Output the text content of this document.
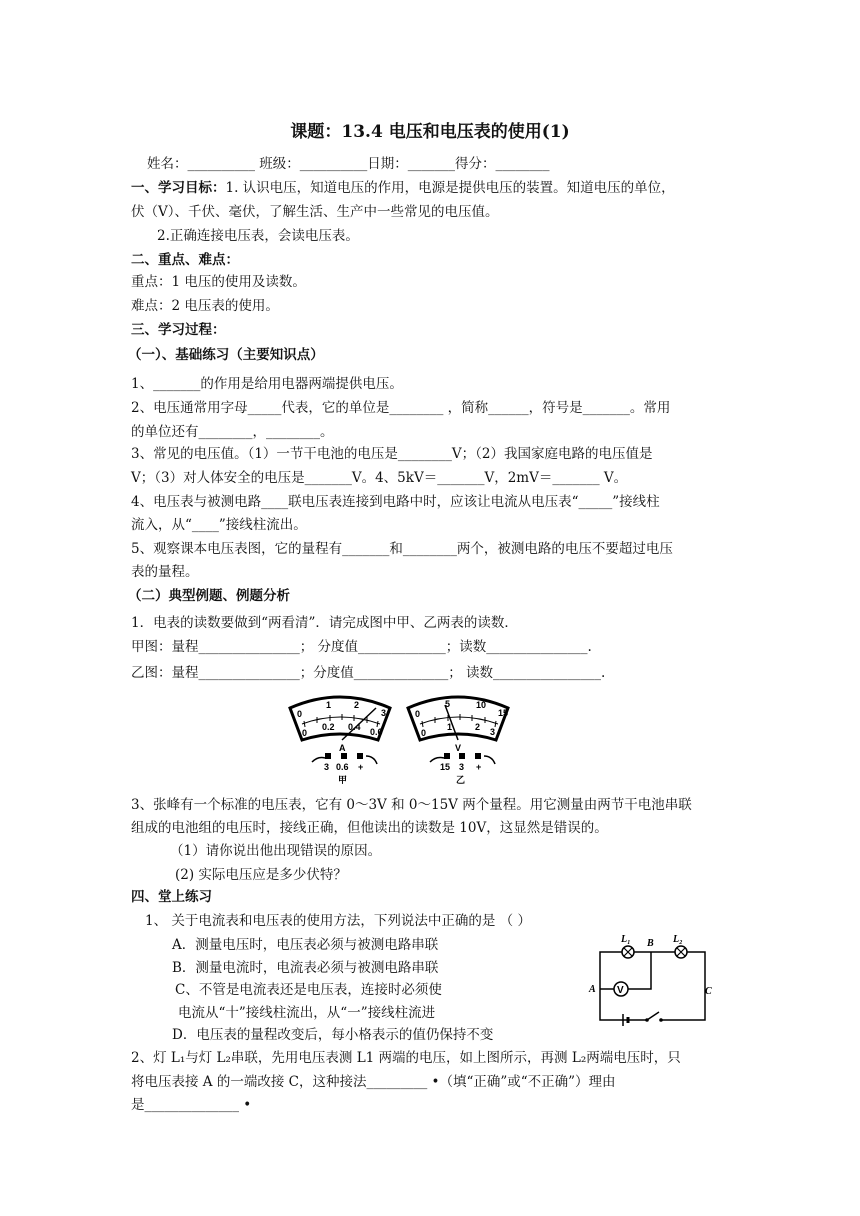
课题：13.4 电压和电压表的使用(1)
姓名：__________ 班级：__________日期：_______得分：________
一、学习目标：1. 认识电压，知道电压的作用，电源是提供电压的装置。知道电压的单位，
伏（V）、千伏、毫伏，了解生活、生产中一些常见的电压值。
2.正确连接电压表，会读电压表。
二、重点、难点：
重点：1 电压的使用及读数。
难点：2 电压表的使用。
三、学习过程：
（一）、基础练习（主要知识点）
1、_______的作用是给用电器两端提供电压。
2、电压通常用字母_____代表，它的单位是________ ，简称______，符号是_______。常用
的单位还有________，________。
3、常见的电压值。（1）一节干电池的电压是________V；（2）我国家庭电路的电压值是
V；（3）对人体安全的电压是_______V。4、5kV＝_______V，2mV＝_______ V。
4、电压表与被测电路____联电压表连接到电路中时，应该让电流从电压表“_____”接线柱
流入，从“____”接线柱流出。
5、观察课本电压表图，它的量程有_______和________两个，被测电路的电压不要超过电压
表的量程。
（二）典型例题、例题分析
1．电表的读数要做到“两看清”．请完成图中甲、乙两表的读数．
甲图：量程_______________； 分度值_____________；读数_______________.
乙图：量程_______________；分度值______________； 读数________________.
0
1	2
3
0
0.2 0.4 0.6
A
3 0.6 +
甲
0
5	10
15
0
1	2 3
V
15 3 +
乙
3、张峰有一个标准的电压表，它有 0～3V 和 0～15V 两个量程。用它测量由两节干电池串联
组成的电池组的电压时，接线正确，但他读出的读数是 10V，这显然是错误的。
（1）请你说出他出现错误的原因。
(2) 实际电压应是多少伏特？
四、堂上练习
1、 关于电流表和电压表的使用方法，下列说法中正确的是 （ ）
A．测量电压时，电压表必须与被测电路串联
B．测量电流时，电流表必须与被测电路串联
C、不管是电流表还是电压表，连接时必须使
电流从“十”接线柱流出，从“一”接线柱流进
D．电压表的量程改变后，每小格表示的值仍保持不变
V
L₁ B L₂
A	C
2、灯 L₁与灯 L₂串联，先用电压表测 L1 两端的电压，如上图所示，再测 L₂两端电压时，只
将电压表接 A 的一端改接 C，这种接法_________ •（填“正确”或“不正确”）理由
是______________ •
